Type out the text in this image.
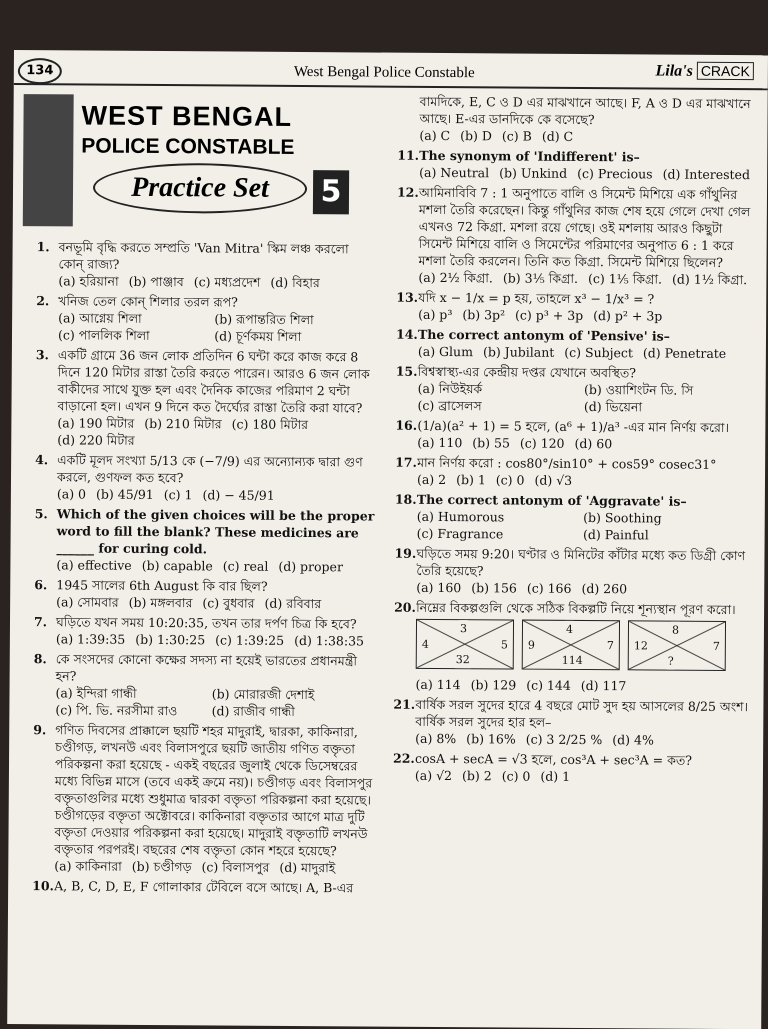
134	West Bengal Police Constable	Lila's CRACK
WEST BENGAL
POLICE CONSTABLE
Practice Set	5
1. বনভূমি বৃদ্ধি করতে সম্প্রতি 'Van Mitra' স্কিম লঞ্চ করলো কোন্ রাজ্য?
(a) হরিয়ানা (b) পাঞ্জাব (c) মধ্যপ্রদেশ (d) বিহার
2. খনিজ তেল কোন্ শিলার তরল রূপ?
(a) আগ্নেয় শিলা	(b) রূপান্তরিত শিলা
(c) পাললিক শিলা	(d) চূর্ণকময় শিলা
3. একটি গ্রামে 36 জন লোক প্রতিদিন 6 ঘন্টা করে কাজ করে 8 দিনে 120 মিটার রাস্তা তৈরি করতে পারেন। আরও 6 জন লোক বাকীদের সাথে যুক্ত হল এবং দৈনিক কাজের পরিমাণ 2 ঘন্টা বাড়ানো হল। এখন 9 দিনে কত দৈর্ঘ্যের রাস্তা তৈরি করা যাবে?
(a) 190 মিটার (b) 210 মিটার (c) 180 মিটার
(d) 220 মিটার
4. একটি মূলদ সংখ্যা 5/13 কে (−7/9) এর অন্যোন্যক দ্বারা গুণ করলে, গুণফল কত হবে?
(a) 0 (b) 45/91 (c) 1 (d) − 45/91
5. Which of the given choices will be the proper word to fill the blank? These medicines are ______ for curing cold.
(a) effective (b) capable (c) real (d) proper
6. 1945 সালের 6th August কি বার ছিল?
(a) সোমবার (b) মঙ্গলবার (c) বুধবার (d) রবিবার
7. ঘড়িতে যখন সময় 10:20:35, তখন তার দর্পণ চিত্র কি হবে?
(a) 1:39:35 (b) 1:30:25 (c) 1:39:25 (d) 1:38:35
8. কে সংসদের কোনো কক্ষের সদস্য না হয়েই ভারতের প্রধানমন্ত্রী হন?
(a) ইন্দিরা গান্ধী	(b) মোরারজী দেশাই
(c) পি. ভি. নরসীমা রাও	(d) রাজীব গান্ধী
9. গণিত দিবসের প্রাক্কালে ছয়টি শহর মাদুরাই, দ্বারকা, কাকিনারা, চণ্ডীগড়, লখনউ এবং বিলাসপুরে ছয়টি জাতীয় গণিত বক্তৃতা পরিকল্পনা করা হয়েছে - একই বছরের জুলাই থেকে ডিসেম্বরের মধ্যে বিভিন্ন মাসে (তবে একই ক্রমে নয়)। চণ্ডীগড় এবং বিলাসপুর বক্তৃতাগুলির মধ্যে শুধুমাত্র দ্বারকা বক্তৃতা পরিকল্পনা করা হয়েছে। চণ্ডীগড়ের বক্তৃতা অক্টোবরে। কাকিনারা বক্তৃতার আগে মাত্র দুটি বক্তৃতা দেওয়ার পরিকল্পনা করা হয়েছে। মাদুরাই বক্তৃতাটি লখনউ বক্তৃতার পরপরই। বছরের শেষ বক্তৃতা কোন শহরে হয়েছে?
(a) কাকিনারা (b) চণ্ডীগড় (c) বিলাসপুর (d) মাদুরাই
10. A, B, C, D, E, F গোলাকার টেবিলে বসে আছে। A, B-এর
বামদিকে, E, C ও D এর মাঝখানে আছে। F, A ও D এর মাঝখানে আছে। E-এর ডানদিকে কে বসেছে?
(a) C (b) D (c) B (d) C
11. The synonym of 'Indifferent' is–
(a) Neutral (b) Unkind (c) Precious (d) Interested
12. আমিনাবিবি 7 : 1 অনুপাতে বালি ও সিমেন্ট মিশিয়ে এক গাঁথুনির মশলা তৈরি করেছেন। কিন্তু গাঁথুনির কাজ শেষ হয়ে গেলে দেখা গেল এখনও 72 কিগ্রা. মশলা রয়ে গেছে। ওই মশলায় আরও কিছুটা সিমেন্ট মিশিয়ে বালি ও সিমেন্টের পরিমাণের অনুপাত 6 : 1 করে মশলা তৈরি করলেন। তিনি কত কিগ্রা. সিমেন্ট মিশিয়ে ছিলেন?
(a) 2½ কিগ্রা. (b) 3⅕ কিগ্রা. (c) 1⅕ কিগ্রা. (d) 1½ কিগ্রা.
13. যদি x − 1/x = p হয়, তাহলে x³ − 1/x³ = ?
(a) p³ (b) 3p² (c) p³ + 3p (d) p² + 3p
14. The correct antonym of 'Pensive' is–
(a) Glum (b) Jubilant (c) Subject (d) Penetrate
15. বিশ্বস্বাস্থ্য-এর কেন্দ্রীয় দপ্তর যেখানে অবস্থিত?
(a) নিউইয়র্ক	(b) ওয়াশিংটন ডি. সি
(c) ব্রাসেলস	(d) ভিয়েনা
16. (1/a)(a² + 1) = 5 হলে, (a⁶ + 1)/a³ -এর মান নির্ণয় করো।
(a) 110 (b) 55 (c) 120 (d) 60
17. মান নির্ণয় করো : cos80°/sin10° + cos59° cosec31°
(a) 2 (b) 1 (c) 0 (d) √3
18. The correct antonym of 'Aggravate' is–
(a) Humorous	(b) Soothing
(c) Fragrance	(d) Painful
19. ঘড়িতে সময় 9:20। ঘণ্টার ও মিনিটের কাঁটার মধ্যে কত ডিগ্রী কোণ তৈরি হয়েছে?
(a) 160 (b) 156 (c) 166 (d) 260
20. নিম্নের বিকল্পগুলি থেকে সঠিক বিকল্পটি নিয়ে শূন্যস্থান পূরণ করো।
3
4	5
32
4
9	7
114
8
12	7
?
(a) 114 (b) 129 (c) 144 (d) 117
21. বার্ষিক সরল সুদের হারে 4 বছরে মোট সুদ হয় আসলের 8/25 অংশ। বার্ষিক সরল সুদের হার হল–
(a) 8% (b) 16% (c) 3 2/25 % (d) 4%
22. cosA + secA = √3 হলে, cos³A + sec³A = কত?
(a) √2 (b) 2 (c) 0 (d) 1
